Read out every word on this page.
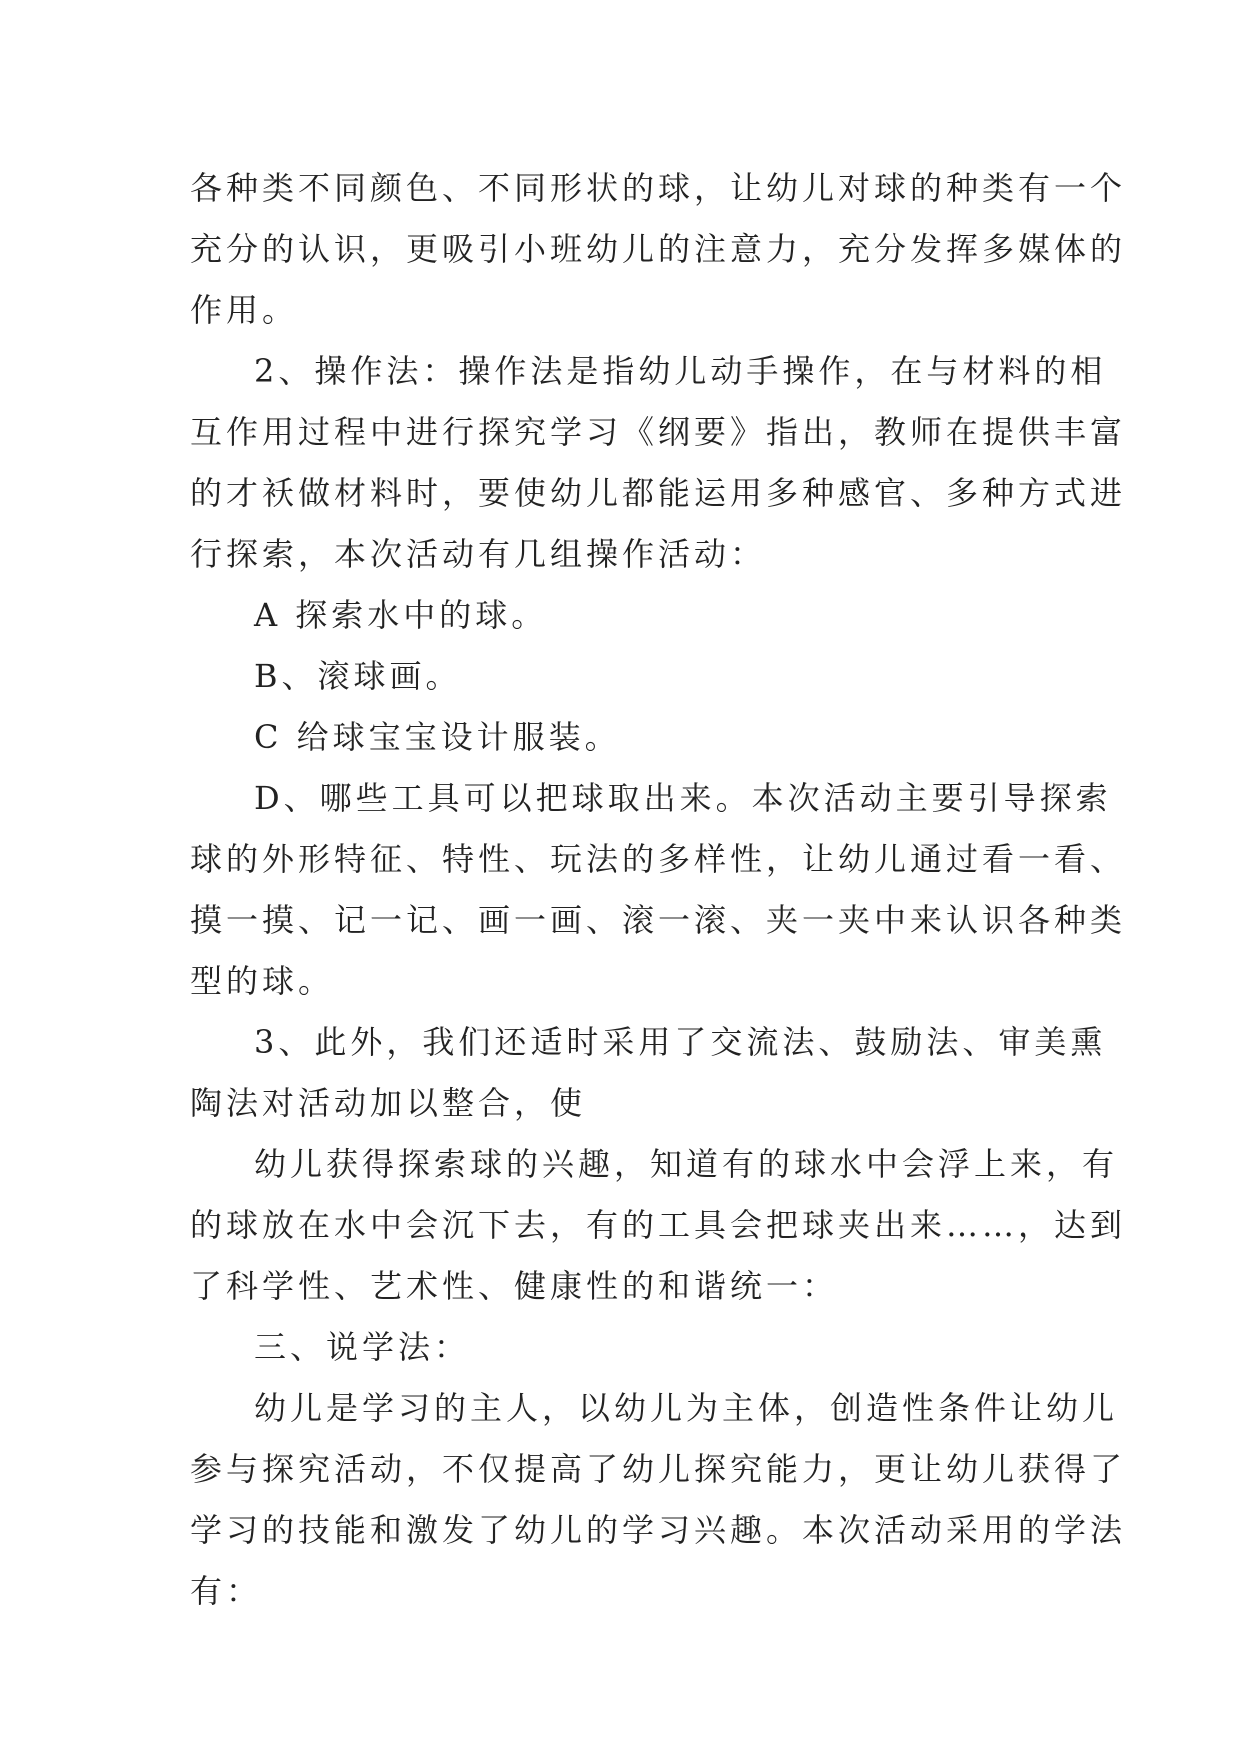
各种类不同颜色、不同形状的球，让幼儿对球的种类有一个
充分的认识，更吸引小班幼儿的注意力，充分发挥多媒体的
作用。
2、操作法：操作法是指幼儿动手操作，在与材料的相
互作用过程中进行探究学习《纲要》指出，教师在提供丰富
的才袄做材料时，要使幼儿都能运用多种感官、多种方式进
行探索，本次活动有几组操作活动：
A 探索水中的球。
B、滚球画。
C 给球宝宝设计服装。
D、哪些工具可以把球取出来。本次活动主要引导探索
球的外形特征、特性、玩法的多样性，让幼儿通过看一看、
摸一摸、记一记、画一画、滚一滚、夹一夹中来认识各种类
型的球。
3、此外，我们还适时采用了交流法、鼓励法、审美熏
陶法对活动加以整合，使
幼儿获得探索球的兴趣，知道有的球水中会浮上来，有
的球放在水中会沉下去，有的工具会把球夹出来……，达到
了科学性、艺术性、健康性的和谐统一：
三、说学法：
幼儿是学习的主人，以幼儿为主体，创造性条件让幼儿
参与探究活动，不仅提高了幼儿探究能力，更让幼儿获得了
学习的技能和激发了幼儿的学习兴趣。本次活动采用的学法
有：
